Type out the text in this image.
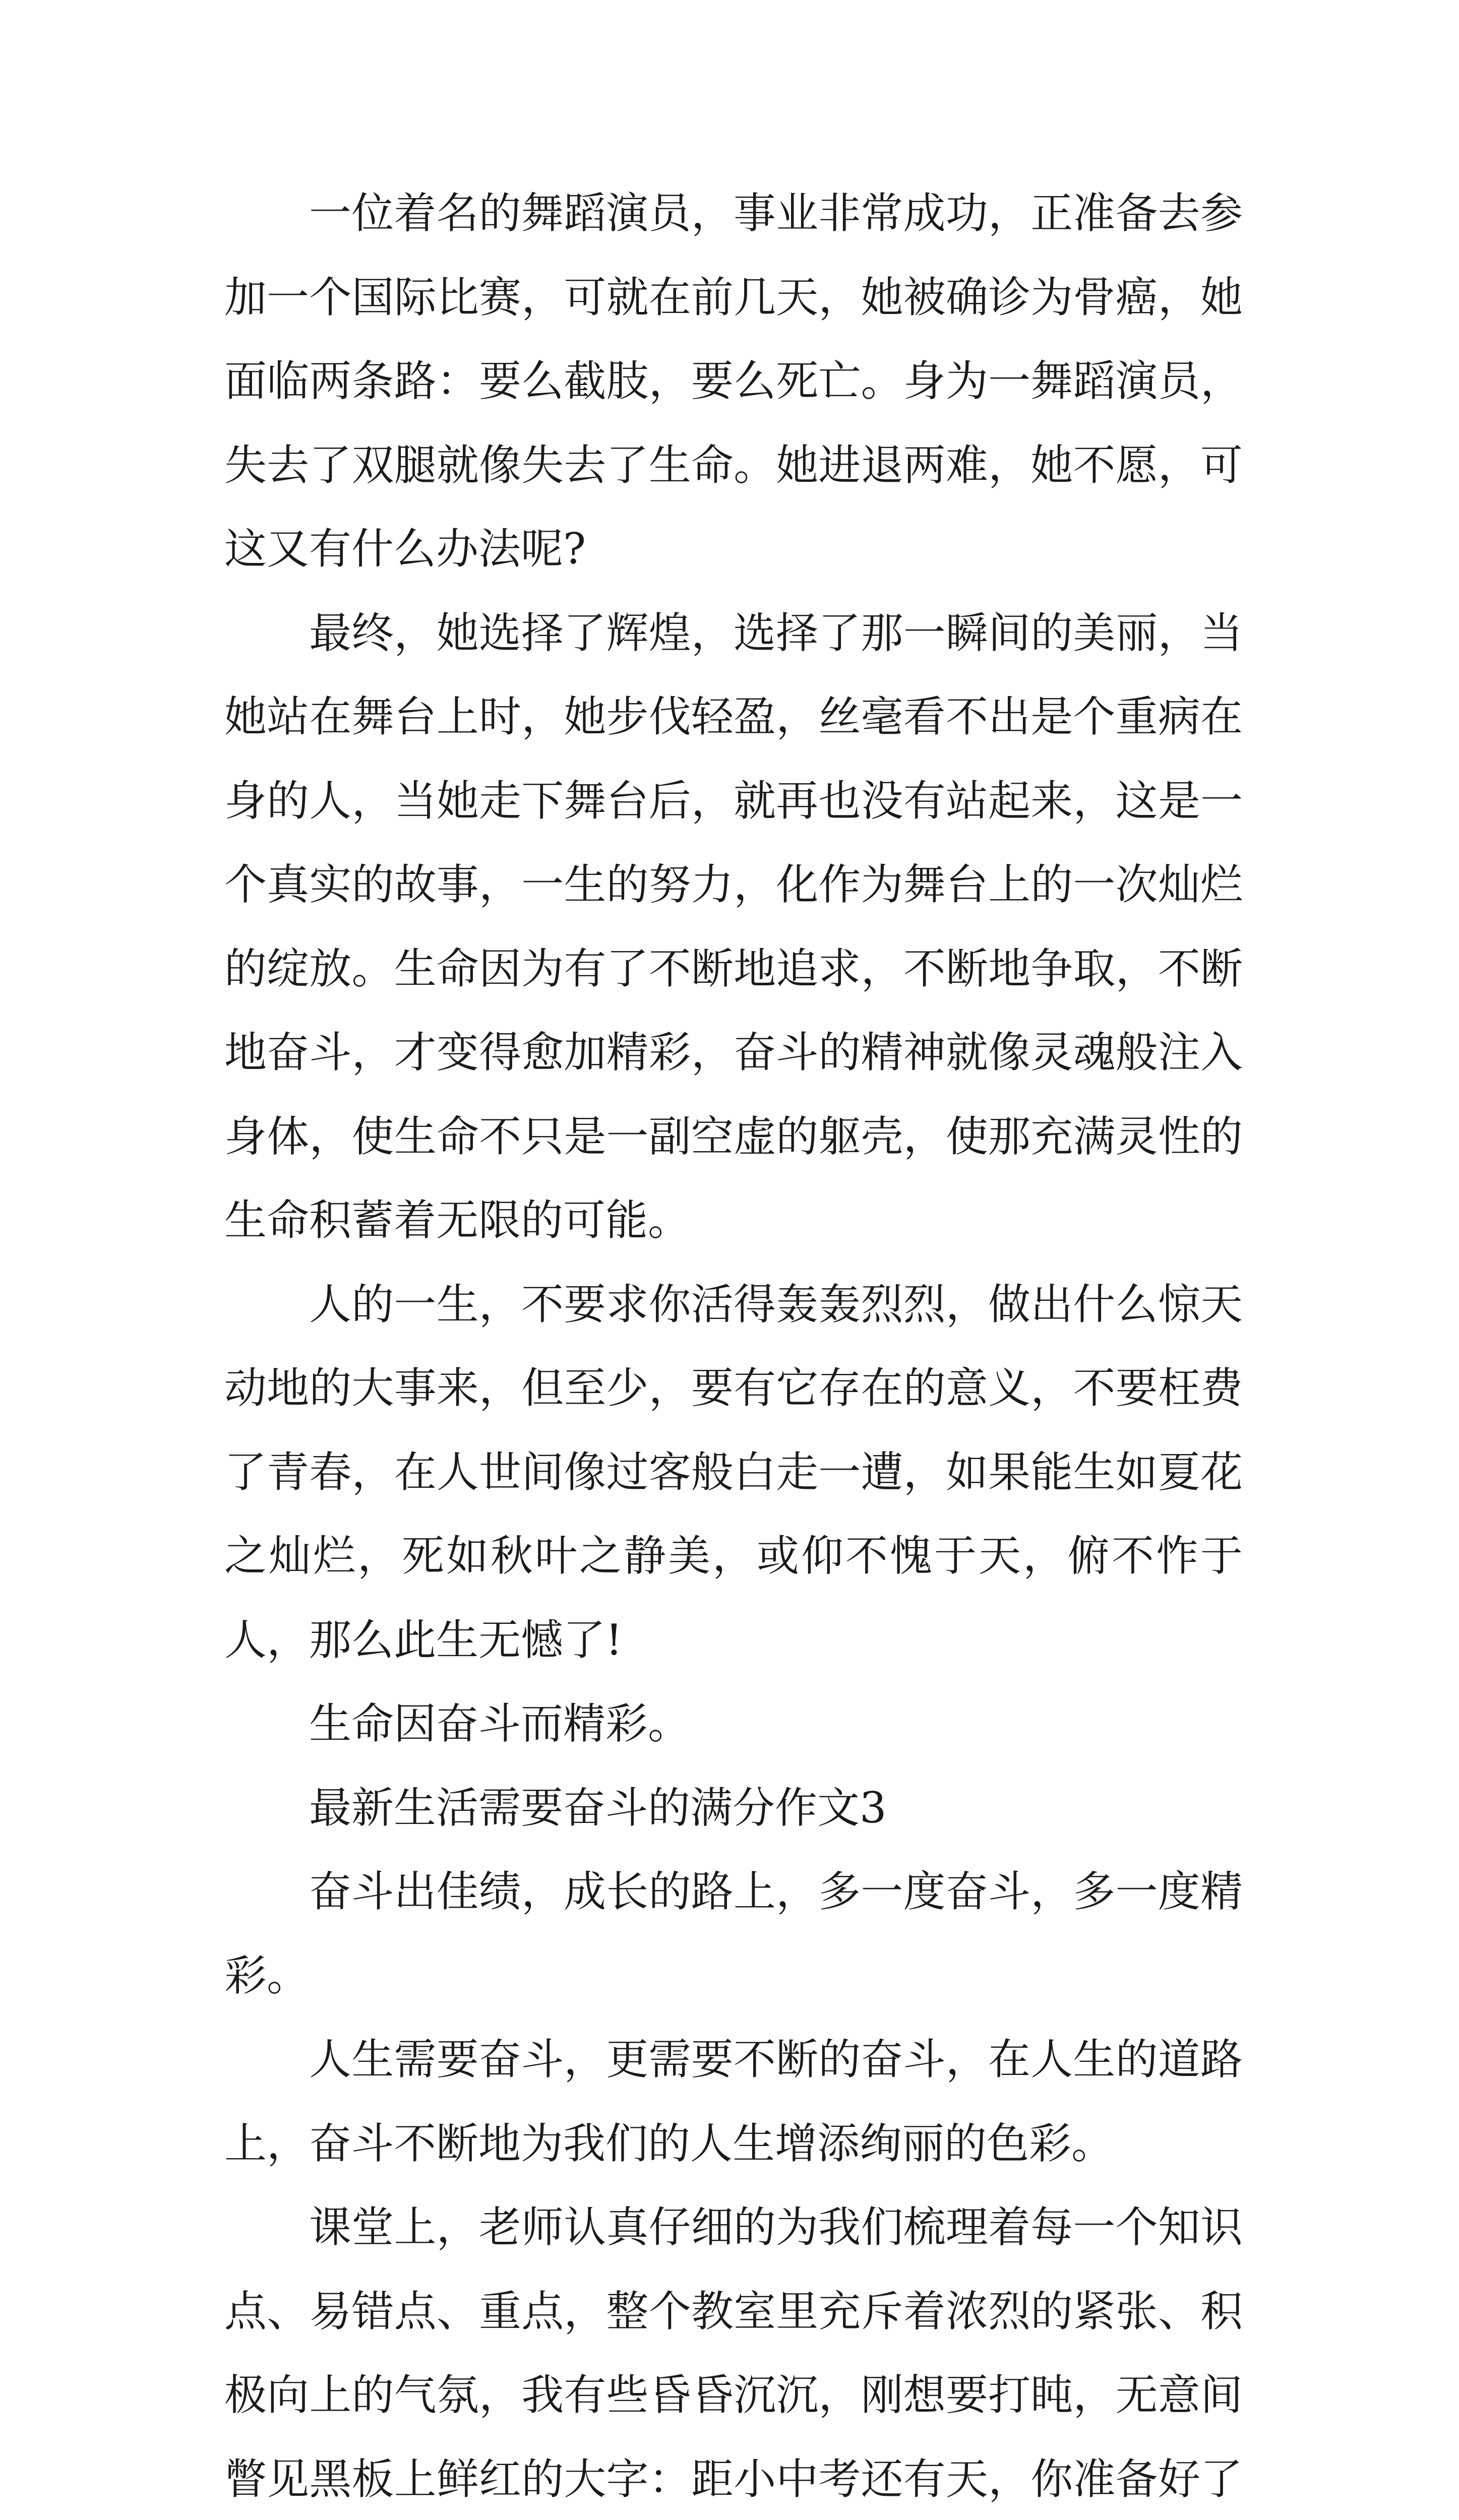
一位着名的舞蹈演员，事业非常成功，正准备去参加一个国际比赛，可就在前几天，她被确诊为骨癌，她面临两条路：要么截肢，要么死亡。身为一舞蹈演员，失去了双腿就像失去了生命。她进退两难，她不愿，可这又有什么办法呢?

最终，她选择了辉煌，选择了那一瞬间的美丽，当她站在舞台上时，她步伐轻盈，丝毫看不出是个重病在身的人，当她走下舞台后，就再也没有站起来，这是一个真实的故事，一生的努力，化作为舞台上的一次灿烂的绽放。生命因为有了不断地追求，不断地争取，不断地奋斗，才变得愈加精彩，奋斗的精神就像灵魂般注入身体，使生命不只是一副空虚的躯壳，使那充满灵性的生命积蓄着无限的可能。

人的一生，不要求你活得轰轰烈烈，做出什么惊天动地的大事来，但至少，要有它存在的意义，不要枉费了青春，在人世间像过客般白走一遭，如果能生如夏花之灿烂，死如秋叶之静美，或仰不愧于天，俯不怍于人，那么此生无憾了!

生命因奋斗而精彩。

最新生活需要奋斗的满分作文3

奋斗出佳绩，成长的路上，多一度奋斗，多一度精彩。

人生需要奋斗，更需要不断的奋斗，在人生的道路上，奋斗不断地为我们的人生增添绚丽的色彩。

课堂上，老师认真仔细的为我们梳理着每一个知识点、易错点、重点，整个教室里充斥着浓烈的紧张、积极向上的气氛，我有些昏昏沉沉，刚想要打盹，无意间瞥见黑板上鲜红的大字：距小中考还有天，你准备好了
